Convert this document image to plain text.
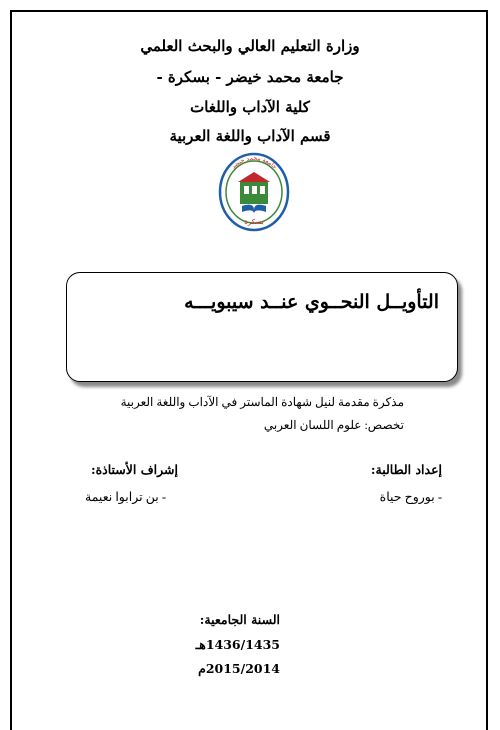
وزارة التعليم العالي والبحث العلمي
جامعة محمد خيضر - بسكرة -
كلية الآداب واللغات
قسم الآداب واللغة العربية
جامعة محمد خيضر
بسكرة
التأويــل النحــوي عنــد سيبويـــه
مذكرة مقدمة لنيل شهادة الماستر في الآداب واللغة العربية
تخصص: علوم اللسان العربي
إعداد الطالبة:
- بوروح حياة
إشراف الأستاذة:
- بن ترابوا نعيمة
السنة الجامعية:
1436/1435هـ
2015/2014م
